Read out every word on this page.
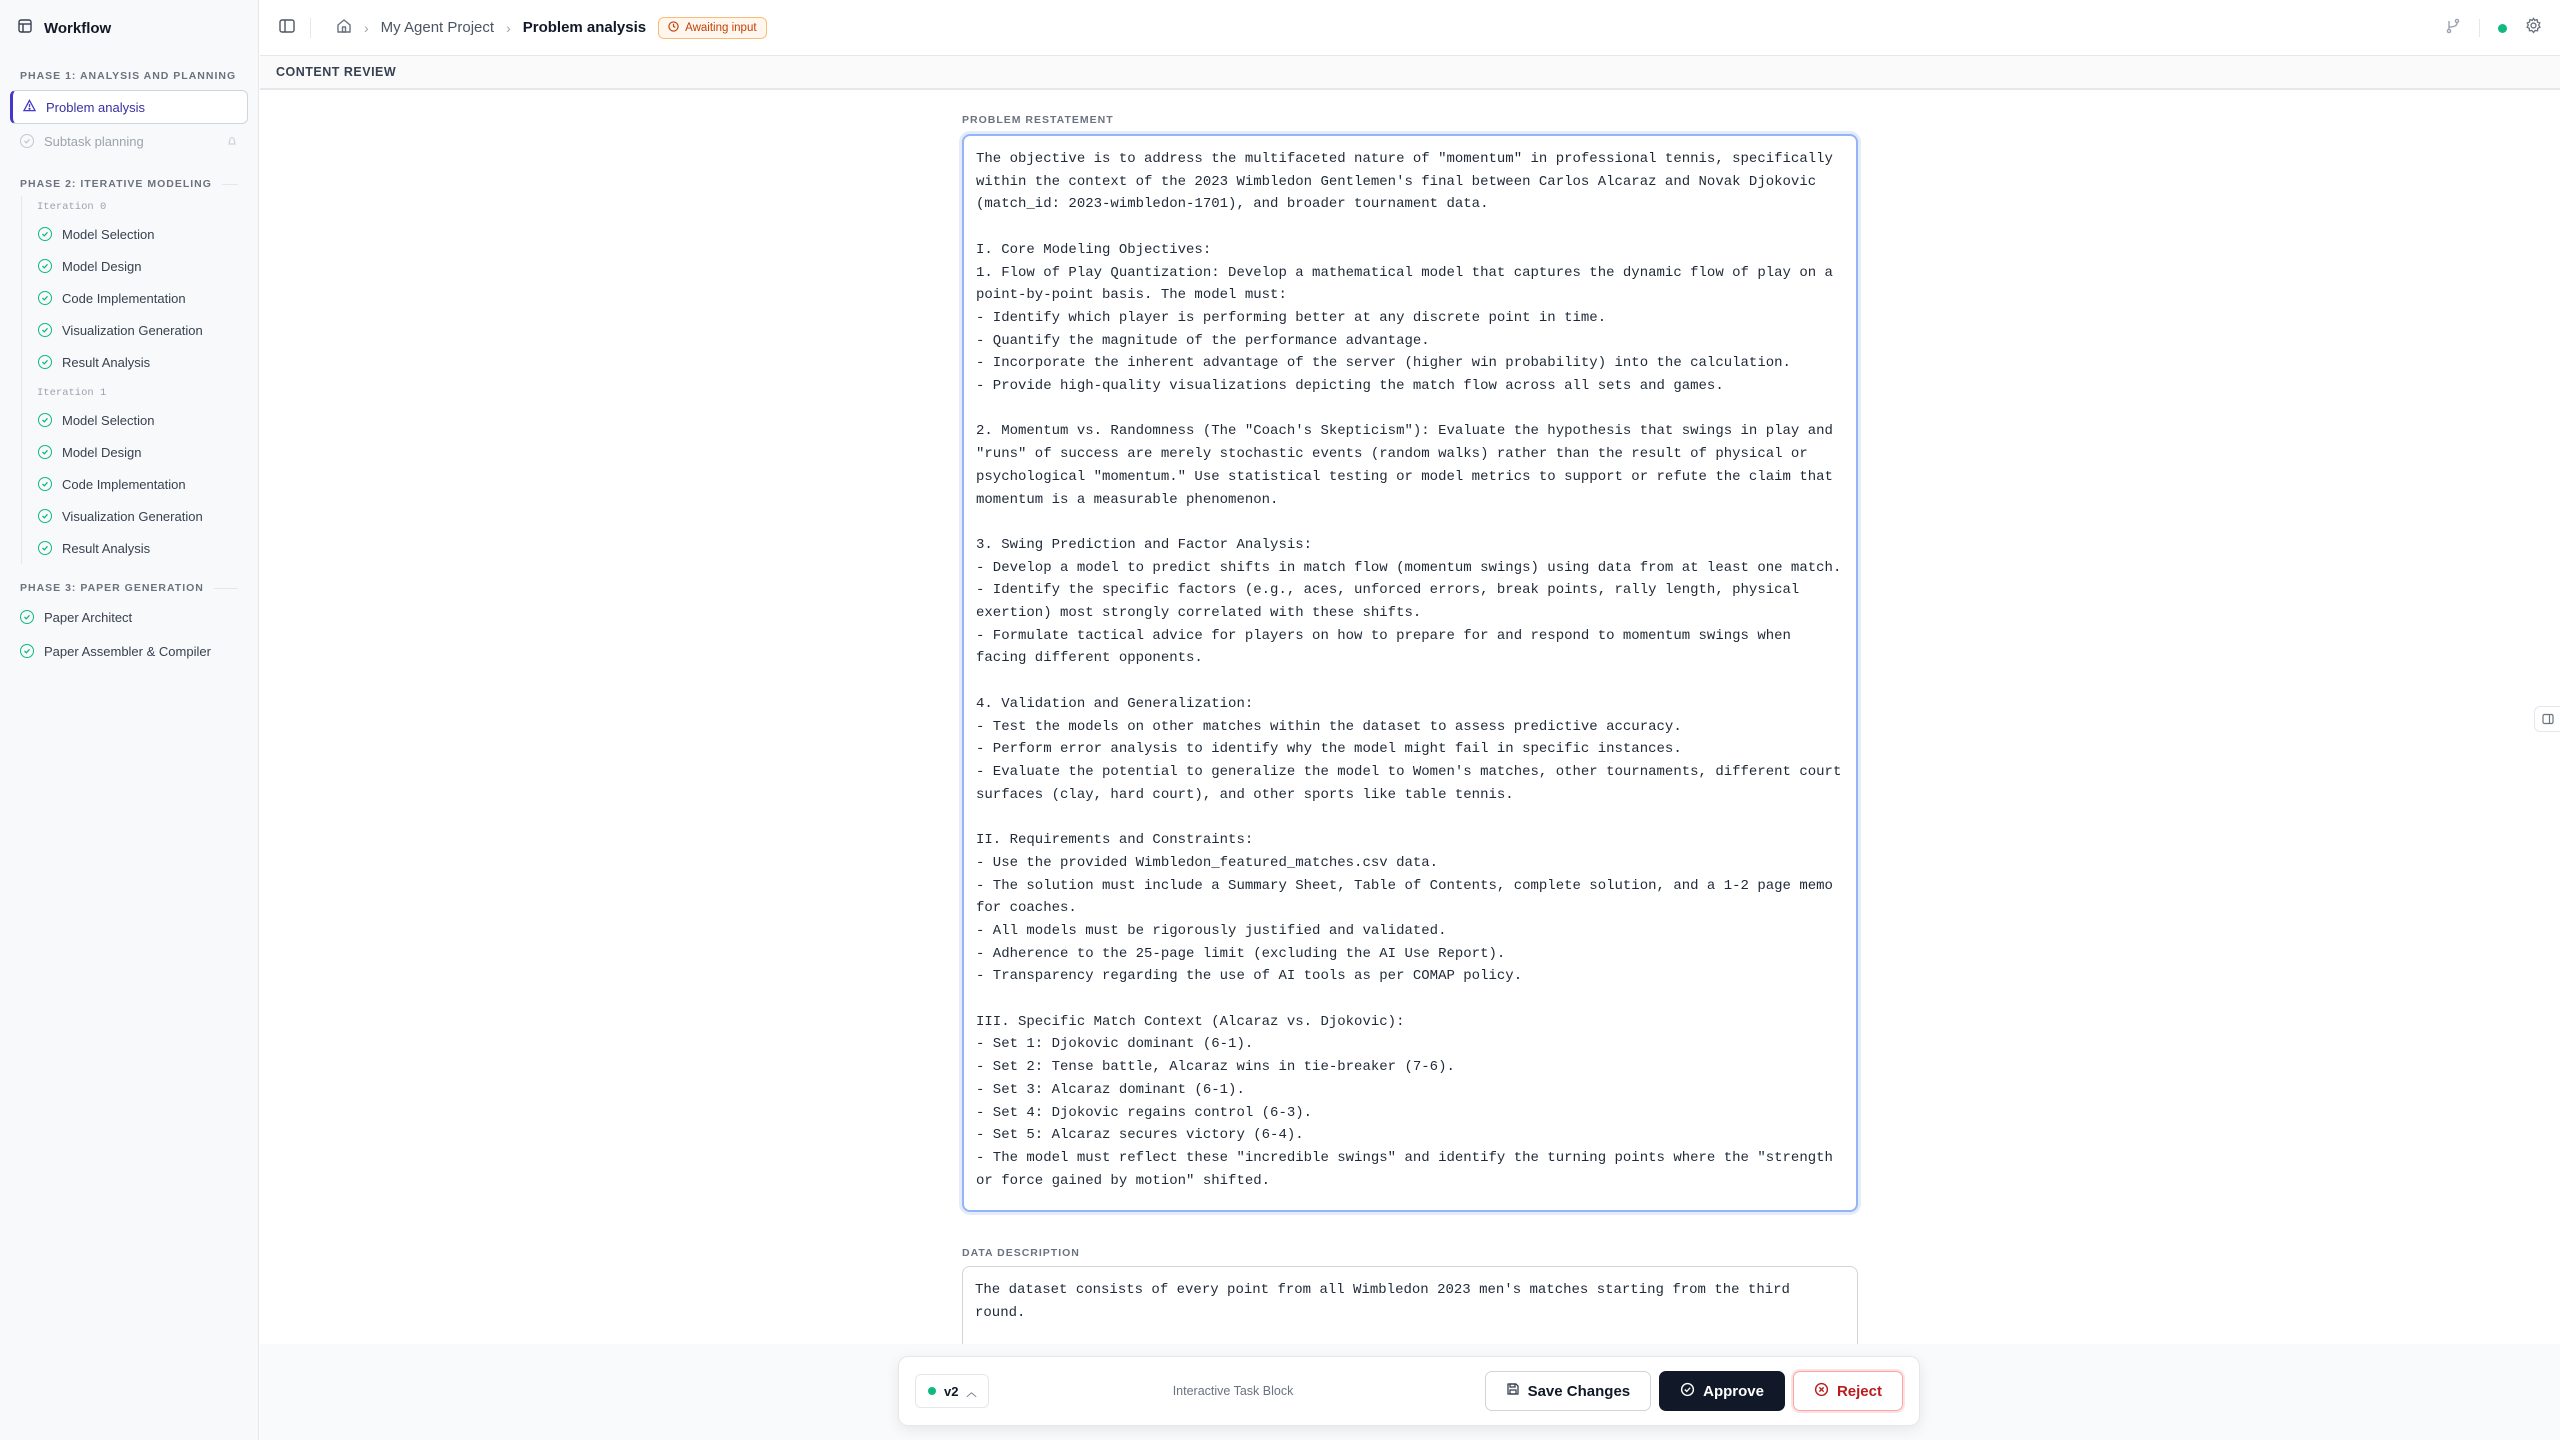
Workflow
PHASE 1: ANALYSIS AND PLANNING
Problem analysis
Subtask planning
PHASE 2: ITERATIVE MODELING
Iteration 0
Model Selection
Model Design
Code Implementation
Visualization Generation
Result Analysis
Iteration 1
Model Selection
Model Design
Code Implementation
Visualization Generation
Result Analysis
PHASE 3: PAPER GENERATION
Paper Architect
Paper Assembler & Compiler
› My Agent Project › Problem analysis	Awaiting input
CONTENT REVIEW
PROBLEM RESTATEMENT
The objective is to address the multifaceted nature of "momentum" in professional tennis, specifically
within the context of the 2023 Wimbledon Gentlemen's final between Carlos Alcaraz and Novak Djokovic
(match_id: 2023-wimbledon-1701), and broader tournament data.

I. Core Modeling Objectives:
1. Flow of Play Quantization: Develop a mathematical model that captures the dynamic flow of play on a
point-by-point basis. The model must:
- Identify which player is performing better at any discrete point in time.
- Quantify the magnitude of the performance advantage.
- Incorporate the inherent advantage of the server (higher win probability) into the calculation.
- Provide high-quality visualizations depicting the match flow across all sets and games.

2. Momentum vs. Randomness (The "Coach's Skepticism"): Evaluate the hypothesis that swings in play and
"runs" of success are merely stochastic events (random walks) rather than the result of physical or
psychological "momentum." Use statistical testing or model metrics to support or refute the claim that
momentum is a measurable phenomenon.

3. Swing Prediction and Factor Analysis:
- Develop a model to predict shifts in match flow (momentum swings) using data from at least one match.
- Identify the specific factors (e.g., aces, unforced errors, break points, rally length, physical
exertion) most strongly correlated with these shifts.
- Formulate tactical advice for players on how to prepare for and respond to momentum swings when
facing different opponents.

4. Validation and Generalization:
- Test the models on other matches within the dataset to assess predictive accuracy.
- Perform error analysis to identify why the model might fail in specific instances.
- Evaluate the potential to generalize the model to Women's matches, other tournaments, different court
surfaces (clay, hard court), and other sports like table tennis.

II. Requirements and Constraints:
- Use the provided Wimbledon_featured_matches.csv data.
- The solution must include a Summary Sheet, Table of Contents, complete solution, and a 1-2 page memo
for coaches.
- All models must be rigorously justified and validated.
- Adherence to the 25-page limit (excluding the AI Use Report).
- Transparency regarding the use of AI tools as per COMAP policy.

III. Specific Match Context (Alcaraz vs. Djokovic):
- Set 1: Djokovic dominant (6-1).
- Set 2: Tense battle, Alcaraz wins in tie-breaker (7-6).
- Set 3: Alcaraz dominant (6-1).
- Set 4: Djokovic regains control (6-3).
- Set 5: Alcaraz secures victory (6-4).
- The model must reflect these "incredible swings" and identify the turning points where the "strength
or force gained by motion" shifted.
DATA DESCRIPTION
The dataset consists of every point from all Wimbledon 2023 men's matches starting from the third
round.
v2 ︿	Interactive Task Block	Save Changes	Approve	Reject
